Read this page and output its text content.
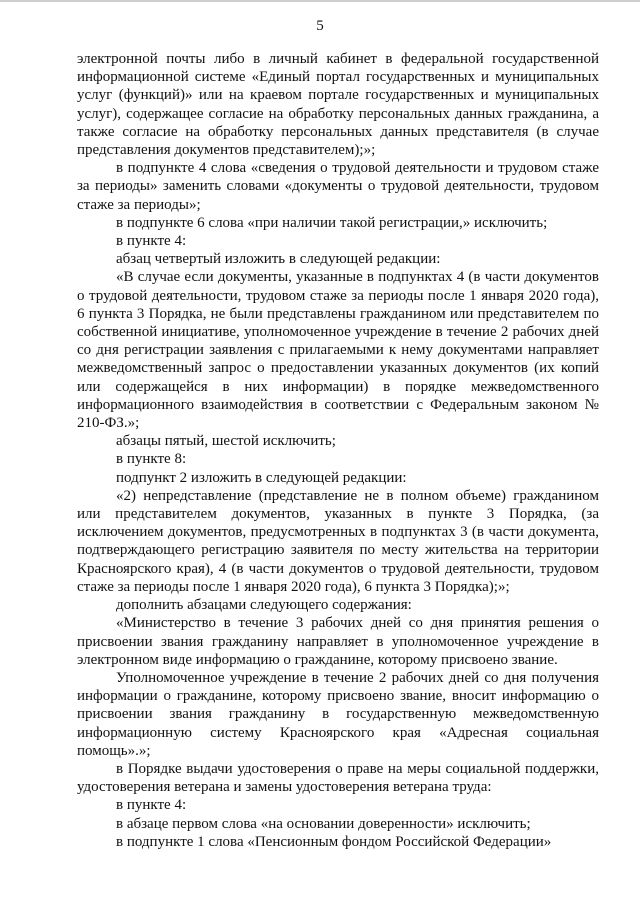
5

электронной почты либо в личный кабинет в федеральной государственной информационной системе «Единый портал государственных и муниципальных услуг (функций)» или на краевом портале государственных и муниципальных услуг), содержащее согласие на обработку персональных данных гражданина, а также согласие на обработку персональных данных представителя (в случае представления документов представителем);»;

в подпункте 4 слова «сведения о трудовой деятельности и трудовом стаже за периоды» заменить словами «документы о трудовой деятельности, трудовом стаже за периоды»;

в подпункте 6 слова «при наличии такой регистрации,» исключить;

в пункте 4:

абзац четвертый изложить в следующей редакции:

«В случае если документы, указанные в подпунктах 4 (в части документов о трудовой деятельности, трудовом стаже за периоды после 1 января 2020 года), 6 пункта 3 Порядка, не были представлены гражданином или представителем по собственной инициативе, уполномоченное учреждение в течение 2 рабочих дней со дня регистрации заявления с прилагаемыми к нему документами направляет межведомственный запрос о предоставлении указанных документов (их копий или содержащейся в них информации) в порядке межведомственного информационного взаимодействия в соответствии с Федеральным законом № 210-ФЗ.»;

абзацы пятый, шестой исключить;

в пункте 8:

подпункт 2 изложить в следующей редакции:

«2) непредставление (представление не в полном объеме) гражданином или представителем документов, указанных в пункте 3 Порядка, (за исключением документов, предусмотренных в подпунктах 3 (в части документа, подтверждающего регистрацию заявителя по месту жительства на территории Красноярского края), 4 (в части документов о трудовой деятельности, трудовом стаже за периоды после 1 января 2020 года), 6 пункта 3 Порядка);»;

дополнить абзацами следующего содержания:

«Министерство в течение 3 рабочих дней со дня принятия решения о присвоении звания гражданину направляет в уполномоченное учреждение в электронном виде информацию о гражданине, которому присвоено звание.

Уполномоченное учреждение в течение 2 рабочих дней со дня получения информации о гражданине, которому присвоено звание, вносит информацию о присвоении звания гражданину в государственную межведомственную информационную систему Красноярского края «Адресная социальная помощь».»;

в Порядке выдачи удостоверения о праве на меры социальной поддержки, удостоверения ветерана и замены удостоверения ветерана труда:

в пункте 4:

в абзаце первом слова «на основании доверенности» исключить;

в подпункте 1 слова «Пенсионным фондом Российской Федерации»
